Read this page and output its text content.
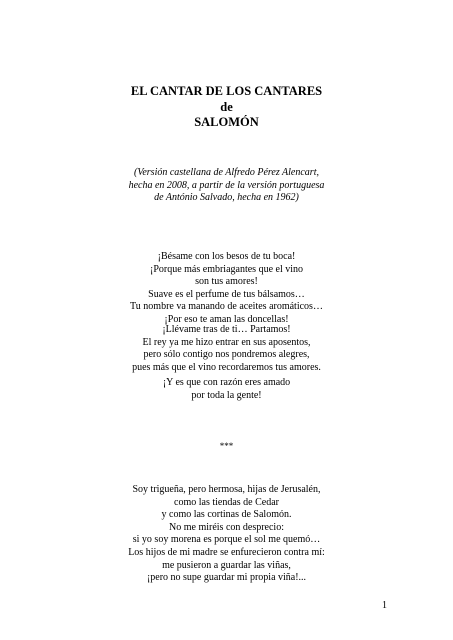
EL CANTAR DE LOS CANTARES
de
SALOMÓN
(Versión castellana de Alfredo Pérez Alencart,
hecha en 2008, a partir de la versión portuguesa
de António Salvado, hecha en 1962)
¡Bésame con los besos de tu boca!
¡Porque más embriagantes que el vino
son tus amores!
Suave es el perfume de tus bálsamos…
Tu nombre va manando de aceites aromáticos…
¡Por eso te aman las doncellas!
¡Llévame tras de ti… Partamos!
El rey ya me hizo entrar en sus aposentos,
pero sólo contigo nos pondremos alegres,
pues más que el vino recordaremos tus amores.
¡Y es que con razón eres amado
por toda la gente!
***
Soy trigueña, pero hermosa, hijas de Jerusalén,
como las tiendas de Cedar
y como las cortinas de Salomón.
No me miréis con desprecio:
si yo soy morena es porque el sol me quemó…
Los hijos de mi madre se enfurecieron contra mí:
me pusieron a guardar las viñas,
¡pero no supe guardar mi propia viña!...
1
